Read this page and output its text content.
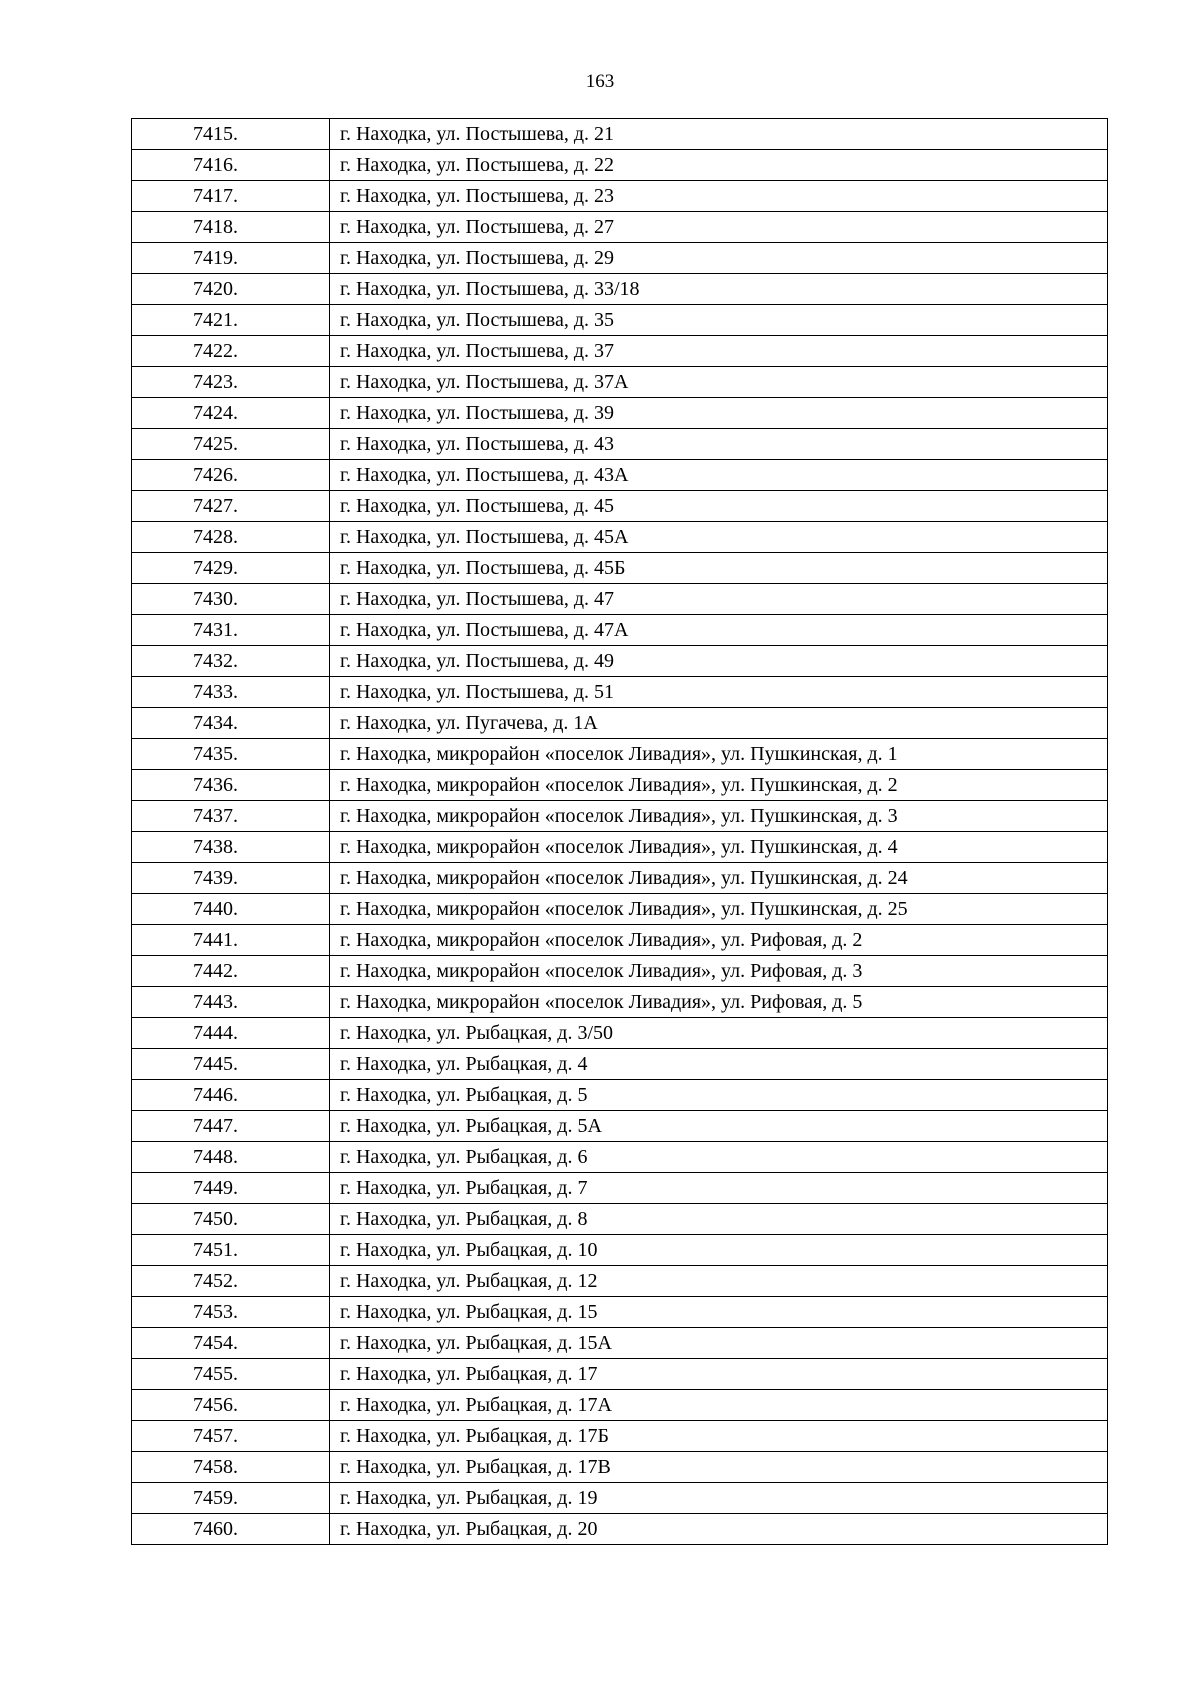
163
7415.	г. Находка, ул. Постышева, д. 21
7416.	г. Находка, ул. Постышева, д. 22
7417.	г. Находка, ул. Постышева, д. 23
7418.	г. Находка, ул. Постышева, д. 27
7419.	г. Находка, ул. Постышева, д. 29
7420.	г. Находка, ул. Постышева, д. 33/18
7421.	г. Находка, ул. Постышева, д. 35
7422.	г. Находка, ул. Постышева, д. 37
7423.	г. Находка, ул. Постышева, д. 37А
7424.	г. Находка, ул. Постышева, д. 39
7425.	г. Находка, ул. Постышева, д. 43
7426.	г. Находка, ул. Постышева, д. 43А
7427.	г. Находка, ул. Постышева, д. 45
7428.	г. Находка, ул. Постышева, д. 45А
7429.	г. Находка, ул. Постышева, д. 45Б
7430.	г. Находка, ул. Постышева, д. 47
7431.	г. Находка, ул. Постышева, д. 47А
7432.	г. Находка, ул. Постышева, д. 49
7433.	г. Находка, ул. Постышева, д. 51
7434.	г. Находка, ул. Пугачева, д. 1А
7435.	г. Находка, микрорайон «поселок Ливадия», ул. Пушкинская, д. 1
7436.	г. Находка, микрорайон «поселок Ливадия», ул. Пушкинская, д. 2
7437.	г. Находка, микрорайон «поселок Ливадия», ул. Пушкинская, д. 3
7438.	г. Находка, микрорайон «поселок Ливадия», ул. Пушкинская, д. 4
7439.	г. Находка, микрорайон «поселок Ливадия», ул. Пушкинская, д. 24
7440.	г. Находка, микрорайон «поселок Ливадия», ул. Пушкинская, д. 25
7441.	г. Находка, микрорайон «поселок Ливадия», ул. Рифовая, д. 2
7442.	г. Находка, микрорайон «поселок Ливадия», ул. Рифовая, д. 3
7443.	г. Находка, микрорайон «поселок Ливадия», ул. Рифовая, д. 5
7444.	г. Находка, ул. Рыбацкая, д. 3/50
7445.	г. Находка, ул. Рыбацкая, д. 4
7446.	г. Находка, ул. Рыбацкая, д. 5
7447.	г. Находка, ул. Рыбацкая, д. 5А
7448.	г. Находка, ул. Рыбацкая, д. 6
7449.	г. Находка, ул. Рыбацкая, д. 7
7450.	г. Находка, ул. Рыбацкая, д. 8
7451.	г. Находка, ул. Рыбацкая, д. 10
7452.	г. Находка, ул. Рыбацкая, д. 12
7453.	г. Находка, ул. Рыбацкая, д. 15
7454.	г. Находка, ул. Рыбацкая, д. 15А
7455.	г. Находка, ул. Рыбацкая, д. 17
7456.	г. Находка, ул. Рыбацкая, д. 17А
7457.	г. Находка, ул. Рыбацкая, д. 17Б
7458.	г. Находка, ул. Рыбацкая, д. 17В
7459.	г. Находка, ул. Рыбацкая, д. 19
7460.	г. Находка, ул. Рыбацкая, д. 20
